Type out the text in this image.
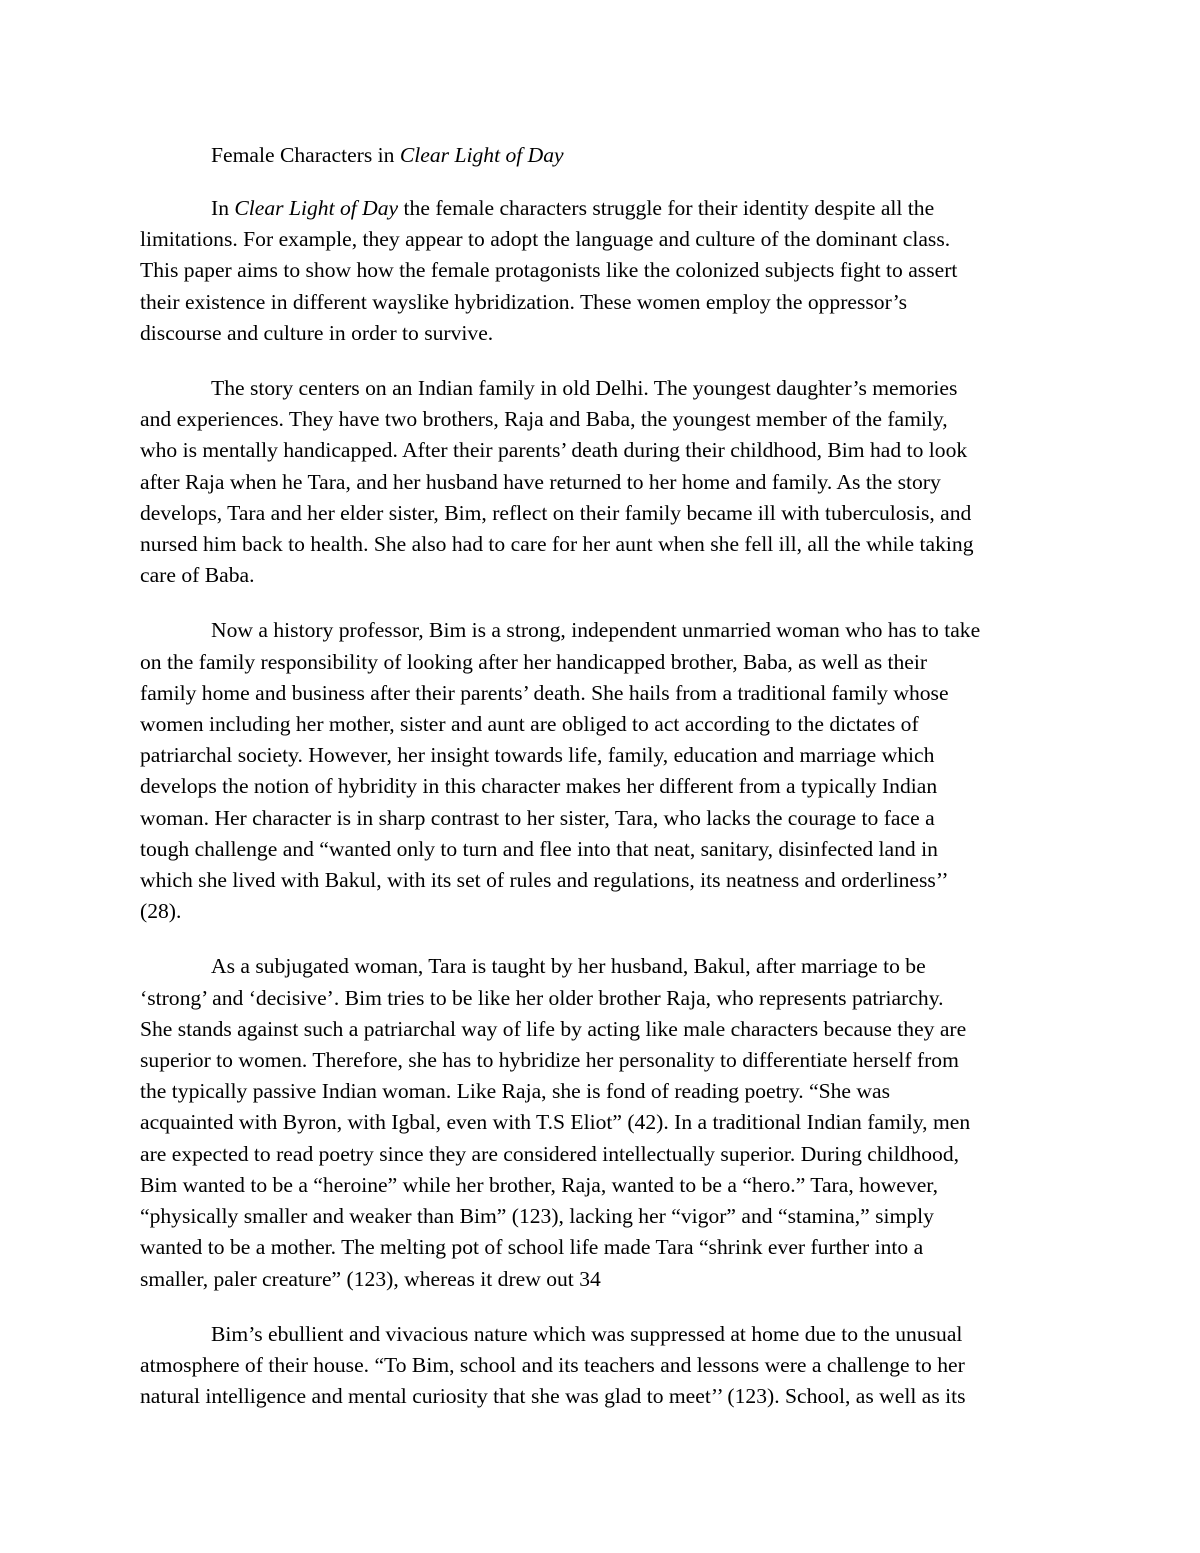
Female Characters in Clear Light of Day

In Clear Light of Day the female characters struggle for their identity despite all the
limitations. For example, they appear to adopt the language and culture of the dominant class.
This paper aims to show how the female protagonists like the colonized subjects fight to assert
their existence in different wayslike hybridization. These women employ the oppressor’s
discourse and culture in order to survive.

The story centers on an Indian family in old Delhi. The youngest daughter’s memories
and experiences. They have two brothers, Raja and Baba, the youngest member of the family,
who is mentally handicapped. After their parents’ death during their childhood, Bim had to look
after Raja when he Tara, and her husband have returned to her home and family. As the story
develops, Tara and her elder sister, Bim, reflect on their family became ill with tuberculosis, and
nursed him back to health. She also had to care for her aunt when she fell ill, all the while taking
care of Baba.

Now a history professor, Bim is a strong, independent unmarried woman who has to take
on the family responsibility of looking after her handicapped brother, Baba, as well as their
family home and business after their parents’ death. She hails from a traditional family whose
women including her mother, sister and aunt are obliged to act according to the dictates of
patriarchal society. However, her insight towards life, family, education and marriage which
develops the notion of hybridity in this character makes her different from a typically Indian
woman. Her character is in sharp contrast to her sister, Tara, who lacks the courage to face a
tough challenge and “wanted only to turn and flee into that neat, sanitary, disinfected land in
which she lived with Bakul, with its set of rules and regulations, its neatness and orderliness’’
(28).

As a subjugated woman, Tara is taught by her husband, Bakul, after marriage to be
‘strong’ and ‘decisive’. Bim tries to be like her older brother Raja, who represents patriarchy.
She stands against such a patriarchal way of life by acting like male characters because they are
superior to women. Therefore, she has to hybridize her personality to differentiate herself from
the typically passive Indian woman. Like Raja, she is fond of reading poetry. “She was
acquainted with Byron, with Igbal, even with T.S Eliot” (42). In a traditional Indian family, men
are expected to read poetry since they are considered intellectually superior. During childhood,
Bim wanted to be a “heroine” while her brother, Raja, wanted to be a “hero.” Tara, however,
“physically smaller and weaker than Bim” (123), lacking her “vigor” and “stamina,” simply
wanted to be a mother. The melting pot of school life made Tara “shrink ever further into a
smaller, paler creature” (123), whereas it drew out 34

Bim’s ebullient and vivacious nature which was suppressed at home due to the unusual
atmosphere of their house. “To Bim, school and its teachers and lessons were a challenge to her
natural intelligence and mental curiosity that she was glad to meet’’ (123). School, as well as its
